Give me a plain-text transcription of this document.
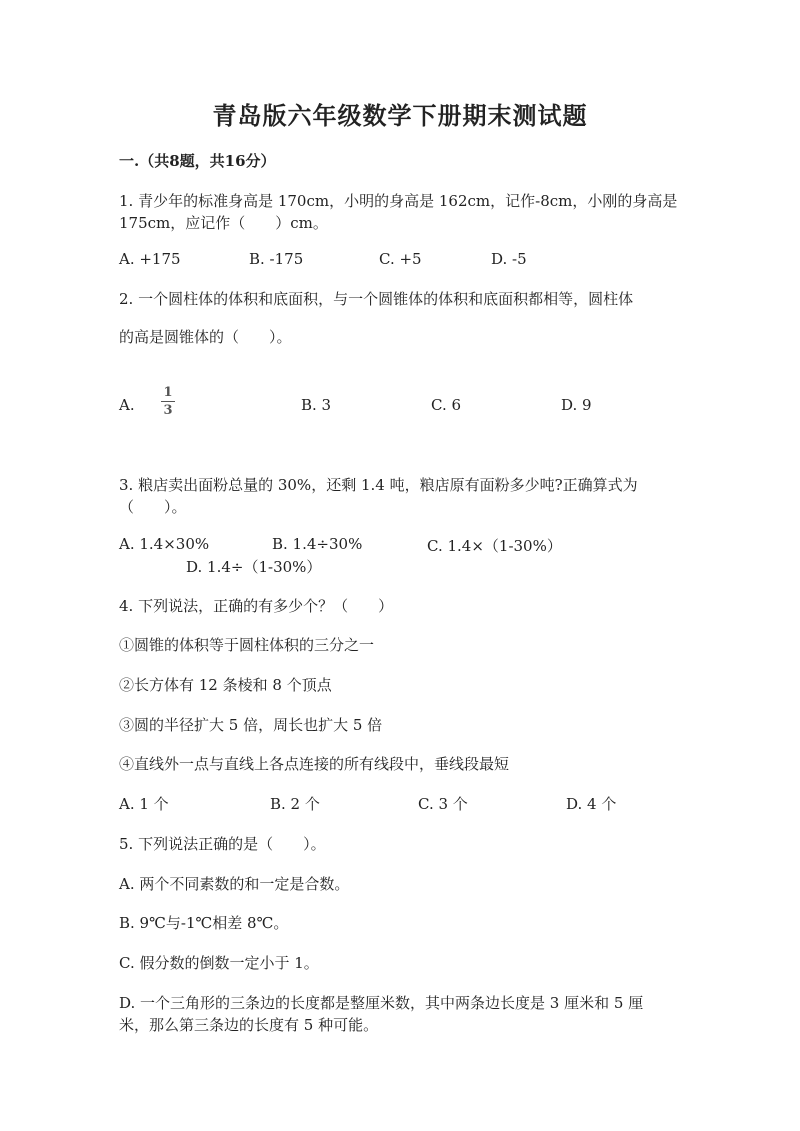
青岛版六年级数学下册期末测试题
一.（共8题，共16分）
1. 青少年的标准身高是 170cm，小明的身高是 162cm，记作-8cm，小刚的身高是
175cm，应记作（　　）cm。
A. +175	B. -175	C. +5	D. -5
2. 一个圆柱体的体积和底面积，与一个圆锥体的体积和底面积都相等，圆柱体
的高是圆锥体的（　　）。
A.
1
3	B. 3	C. 6	D. 9
3. 粮店卖出面粉总量的 30%，还剩 1.4 吨，粮店原有面粉多少吨?正确算式为
（　　）。
A. 1.4×30%	B. 1.4÷30%	C. 1.4×（1-30%）
D. 1.4÷（1-30%）
4. 下列说法，正确的有多少个？（　　）
①圆锥的体积等于圆柱体积的三分之一
②长方体有 12 条棱和 8 个顶点
③圆的半径扩大 5 倍，周长也扩大 5 倍
④直线外一点与直线上各点连接的所有线段中，垂线段最短
A. 1 个	B. 2 个	C. 3 个	D. 4 个
5. 下列说法正确的是（　　）。
A. 两个不同素数的和一定是合数。
B. 9℃与-1℃相差 8℃。
C. 假分数的倒数一定小于 1。
D. 一个三角形的三条边的长度都是整厘米数，其中两条边长度是 3 厘米和 5 厘
米，那么第三条边的长度有 5 种可能。
